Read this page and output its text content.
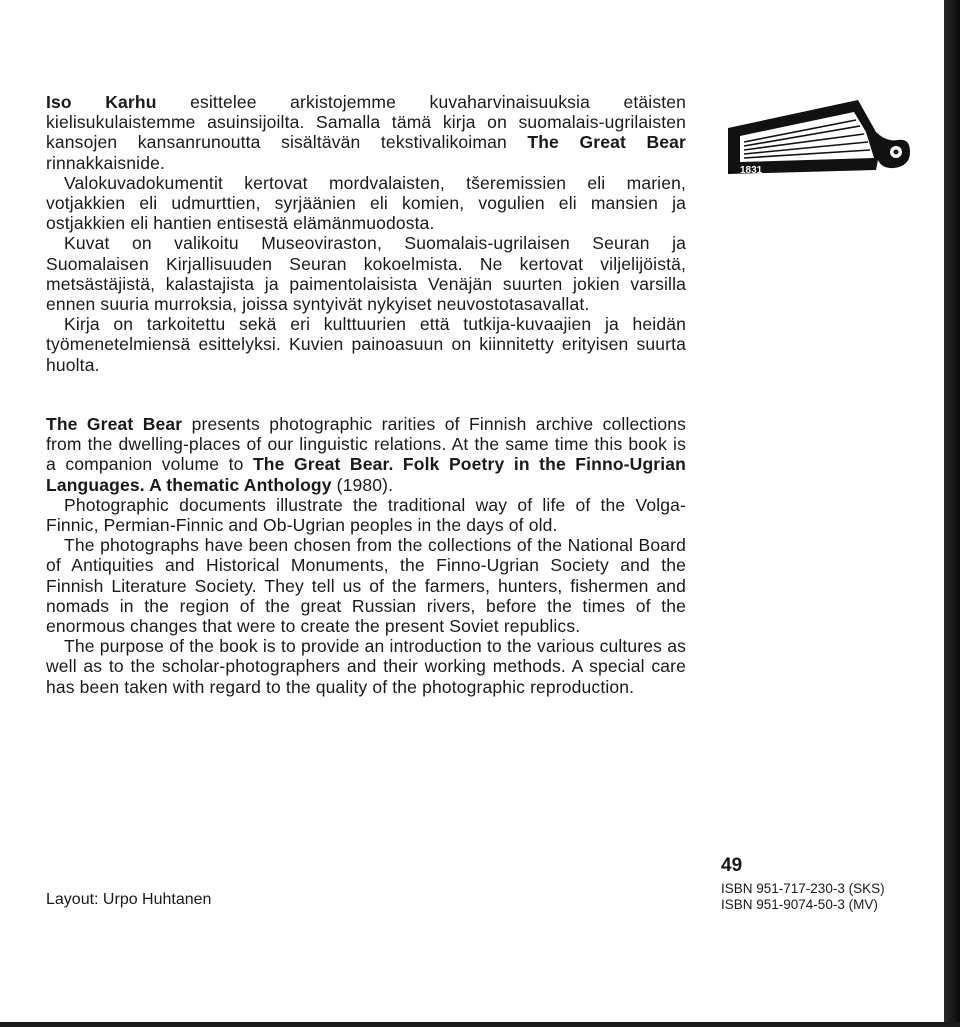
Iso Karhu esittelee arkistojemme kuvaharvinaisuuksia etäisten kielisukulaistemme asuinsijoilta. Samalla tämä kirja on suomalais-ugrilaisten kansojen kansanrunoutta sisältävän tekstivalikoiman The Great Bear rinnakkaisnide.

Valokuvadokumentit kertovat mordvalaisten, tšeremissien eli marien, votjakkien eli udmurttien, syrjäänien eli komien, vogulien eli mansien ja ostjakkien eli hantien entisestä elämänmuodosta.

Kuvat on valikoitu Museoviraston, Suomalais-ugrilaisen Seuran ja Suomalaisen Kirjallisuuden Seuran kokoelmista. Ne kertovat viljelijöistä, metsästäjistä, kalastajista ja paimentolaisista Venäjän suurten jokien varsilla ennen suuria murroksia, joissa syntyivät nykyiset neuvostotasavallat.

Kirja on tarkoitettu sekä eri kulttuurien että tutkija-kuvaajien ja heidän työmenetelmiensä esittelyksi. Kuvien painoasuun on kiinnitetty erityisen suurta huolta.

The Great Bear presents photographic rarities of Finnish archive collections from the dwelling-places of our linguistic relations. At the same time this book is a companion volume to The Great Bear. Folk Poetry in the Finno-Ugrian Languages. A thematic Anthology (1980).

Photographic documents illustrate the traditional way of life of the Volga-Finnic, Permian-Finnic and Ob-Ugrian peoples in the days of old.

The photographs have been chosen from the collections of the National Board of Antiquities and Historical Monuments, the Finno-Ugrian Society and the Finnish Literature Society. They tell us of the farmers, hunters, fishermen and nomads in the region of the great Russian rivers, before the times of the enormous changes that were to create the present Soviet republics.

The purpose of the book is to provide an introduction to the various cultures as well as to the scholar-photographers and their working methods. A special care has been taken with regard to the quality of the photographic reproduction.

1831
49
ISBN 951-717-230-3 (SKS)
ISBN 951-9074-50-3 (MV)
Layout: Urpo Huhtanen
